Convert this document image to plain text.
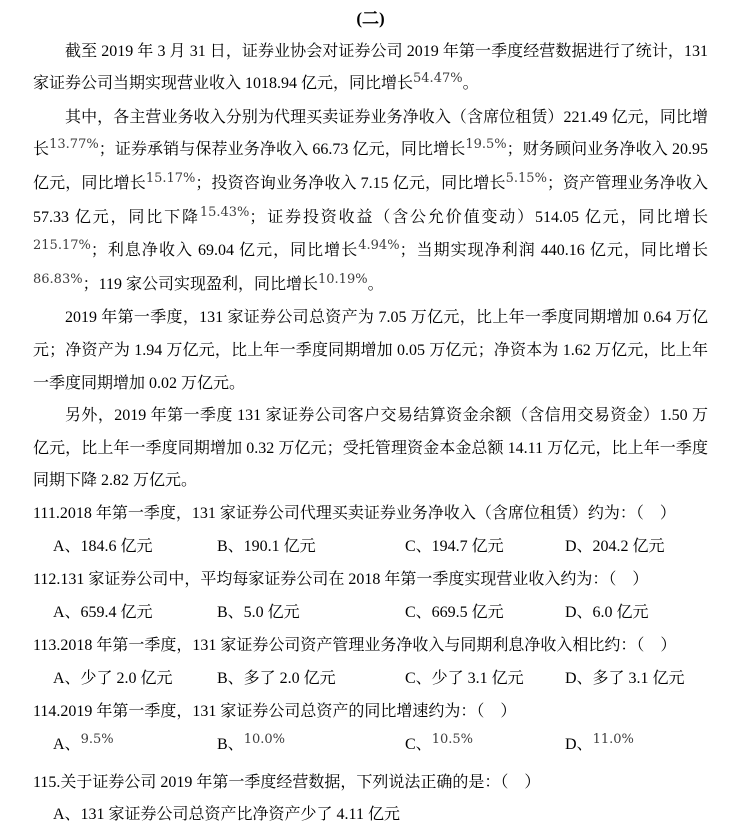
(二)

截至 2019 年 3 月 31 日，证券业协会对证券公司 2019 年第一季度经营数据进行了统计，131 家证券公司当期实现营业收入 1018.94 亿元，同比增长$^{54.47\%}$。

其中，各主营业务收入分别为代理买卖证券业务净收入（含席位租赁）221.49 亿元，同比增长$^{13.77\%}$；证券承销与保荐业务净收入 66.73 亿元，同比增长$^{19.5\%}$；财务顾问业务净收入 20.95 亿元，同比增长$^{15.17\%}$；投资咨询业务净收入 7.15 亿元，同比增长$^{5.15\%}$；资产管理业务净收入 57.33 亿元，同比下降$^{15.43\%}$；证券投资收益（含公允价值变动）514.05 亿元，同比增长$^{215.17\%}$；利息净收入 69.04 亿元，同比增长$^{4.94\%}$；当期实现净利润 440.16 亿元，同比增长$^{86.83\%}$；119 家公司实现盈利，同比增长$^{10.19\%}$。

2019 年第一季度，131 家证券公司总资产为 7.05 万亿元，比上年一季度同期增加 0.64 万亿元；净资产为 1.94 万亿元，比上年一季度同期增加 0.05 万亿元；净资本为 1.62 万亿元，比上年一季度同期增加 0.02 万亿元。

另外，2019 年第一季度 131 家证券公司客户交易结算资金余额（含信用交易资金）1.50 万亿元，比上年一季度同期增加 0.32 万亿元；受托管理资金本金总额 14.11 万亿元，比上年一季度同期下降 2.82 万亿元。

111.2018 年第一季度，131 家证券公司代理买卖证券业务净收入（含席位租赁）约为：（　）

A、184.6 亿元	B、190.1 亿元	C、194.7 亿元	D、204.2 亿元

112.131 家证券公司中，平均每家证券公司在 2018 年第一季度实现营业收入约为：（　）

A、659.4 亿元	B、5.0 亿元	C、669.5 亿元	D、6.0 亿元

113.2018 年第一季度，131 家证券公司资产管理业务净收入与同期利息净收入相比约：（　）

A、少了 2.0 亿元	B、多了 2.0 亿元	C、少了 3.1 亿元	D、多了 3.1 亿元

114.2019 年第一季度，131 家证券公司总资产的同比增速约为：（　）

A、$^{9.5\%}$	B、$^{10.0\%}$	C、$^{10.5\%}$	D、$^{11.0\%}$

115.关于证券公司 2019 年第一季度经营数据，下列说法正确的是：（　）

A、131 家证券公司总资产比净资产少了 4.11 亿元
